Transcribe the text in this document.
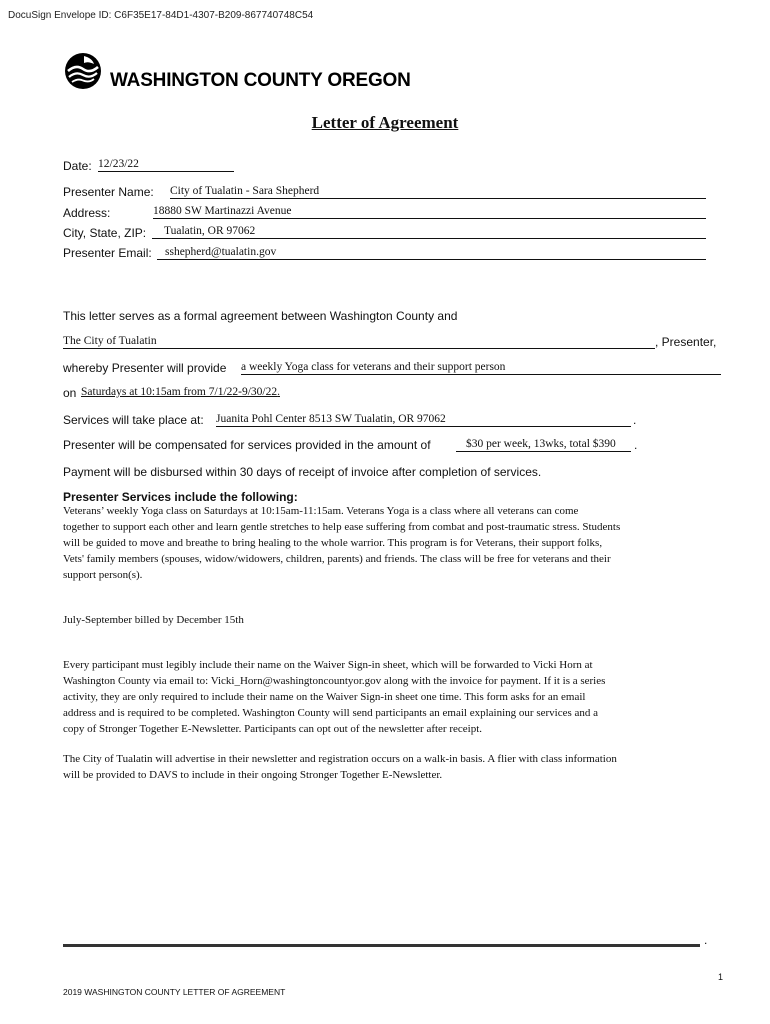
DocuSign Envelope ID: C6F35E17-84D1-4307-B209-867740748C54
WASHINGTON COUNTY OREGON
Letter of Agreement
Date: 12/23/22
Presenter Name: City of Tualatin - Sara Shepherd
Address:	18880 SW Martinazzi Avenue
City, State, ZIP:	Tualatin, OR 97062
Presenter Email:	sshepherd@tualatin.gov
This letter serves as a formal agreement between Washington County and
The City of Tualatin	, Presenter,
whereby Presenter will provide a weekly Yoga class for veterans and their support person
on Saturdays at 10:15am from 7/1/22-9/30/22.
Services will take place at: Juanita Pohl Center 8513 SW Tualatin, OR 97062	.
Presenter will be compensated for services provided in the amount of	$30 per week, 13wks, total $390	.
Payment will be disbursed within 30 days of receipt of invoice after completion of services.
Presenter Services include the following:
Veterans’ weekly Yoga class on Saturdays at 10:15am-11:15am. Veterans Yoga is a class where all veterans can come
together to support each other and learn gentle stretches to help ease suffering from combat and post-traumatic stress. Students
will be guided to move and breathe to bring healing to the whole warrior. This program is for Veterans, their support folks,
Vets' family members (spouses, widow/widowers, children, parents) and friends. The class will be free for veterans and their
support person(s).
July-September billed by December 15th
Every participant must legibly include their name on the Waiver Sign-in sheet, which will be forwarded to Vicki Horn at
Washington County via email to: Vicki_Horn@washingtoncountyor.gov along with the invoice for payment. If it is a series
activity, they are only required to include their name on the Waiver Sign-in sheet one time. This form asks for an email
address and is required to be completed. Washington County will send participants an email explaining our services and a
copy of Stronger Together E-Newsletter. Participants can opt out of the newsletter after receipt.
The City of Tualatin will advertise in their newsletter and registration occurs on a walk-in basis. A flier with class information
will be provided to DAVS to include in their ongoing Stronger Together E-Newsletter.
.
1
2019 WASHINGTON COUNTY LETTER OF AGREEMENT
